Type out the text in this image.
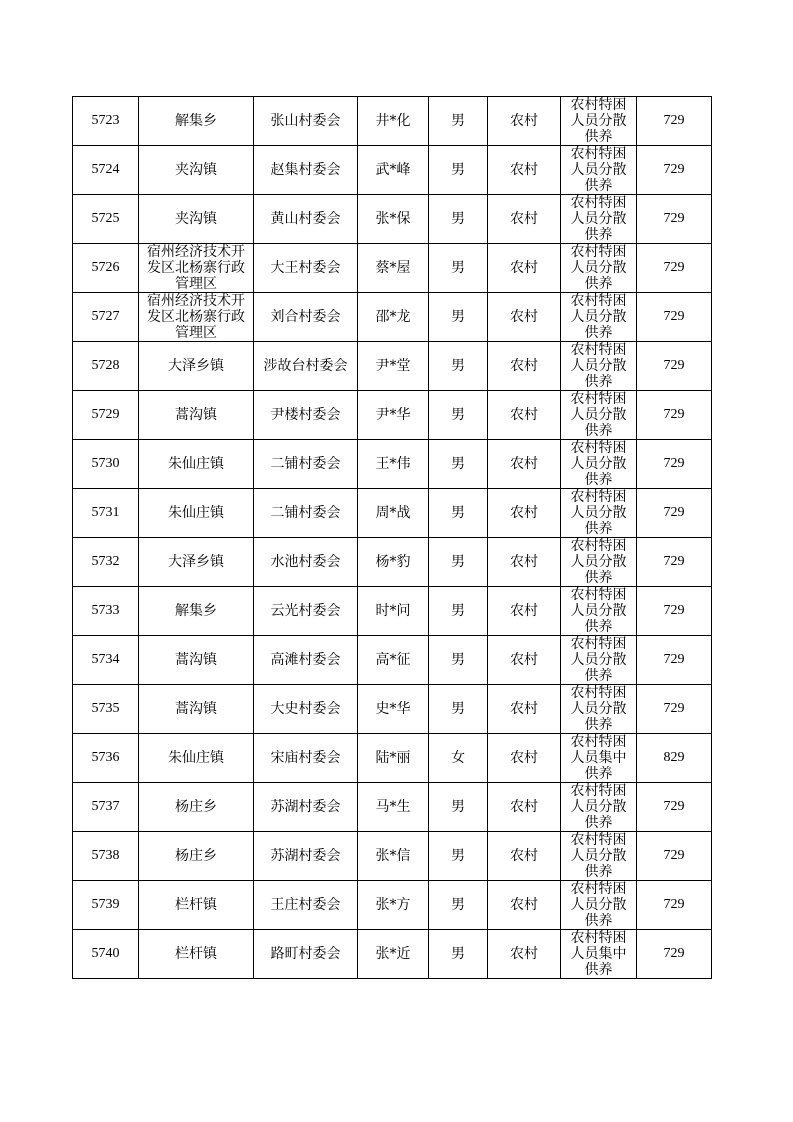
5723	解集乡	张山村委会	井*化	男	农村	农村特困人员分散供养	729

5724	夹沟镇	赵集村委会	武*峰	男	农村	农村特困人员分散供养	729

5725	夹沟镇	黄山村委会	张*保	男	农村	农村特困人员分散供养	729

5726	宿州经济技术开发区北杨寨行政管理区	大王村委会	蔡*屋	男	农村	农村特困人员分散供养	729

5727	宿州经济技术开发区北杨寨行政管理区	刘合村委会	邵*龙	男	农村	农村特困人员分散供养	729

5728	大泽乡镇	涉故台村委会	尹*堂	男	农村	农村特困人员分散供养	729

5729	蒿沟镇	尹楼村委会	尹*华	男	农村	农村特困人员分散供养	729

5730	朱仙庄镇	二铺村委会	王*伟	男	农村	农村特困人员分散供养	729

5731	朱仙庄镇	二铺村委会	周*战	男	农村	农村特困人员分散供养	729

5732	大泽乡镇	水池村委会	杨*豹	男	农村	农村特困人员分散供养	729

5733	解集乡	云光村委会	时*问	男	农村	农村特困人员分散供养	729

5734	蒿沟镇	高滩村委会	高*征	男	农村	农村特困人员分散供养	729

5735	蒿沟镇	大史村委会	史*华	男	农村	农村特困人员分散供养	729

5736	朱仙庄镇	宋庙村委会	陆*丽	女	农村	农村特困人员集中供养	829

5737	杨庄乡	苏湖村委会	马*生	男	农村	农村特困人员分散供养	729

5738	杨庄乡	苏湖村委会	张*信	男	农村	农村特困人员分散供养	729

5739	栏杆镇	王庄村委会	张*方	男	农村	农村特困人员分散供养	729

5740	栏杆镇	路町村委会	张*近	男	农村	农村特困人员集中供养	729
